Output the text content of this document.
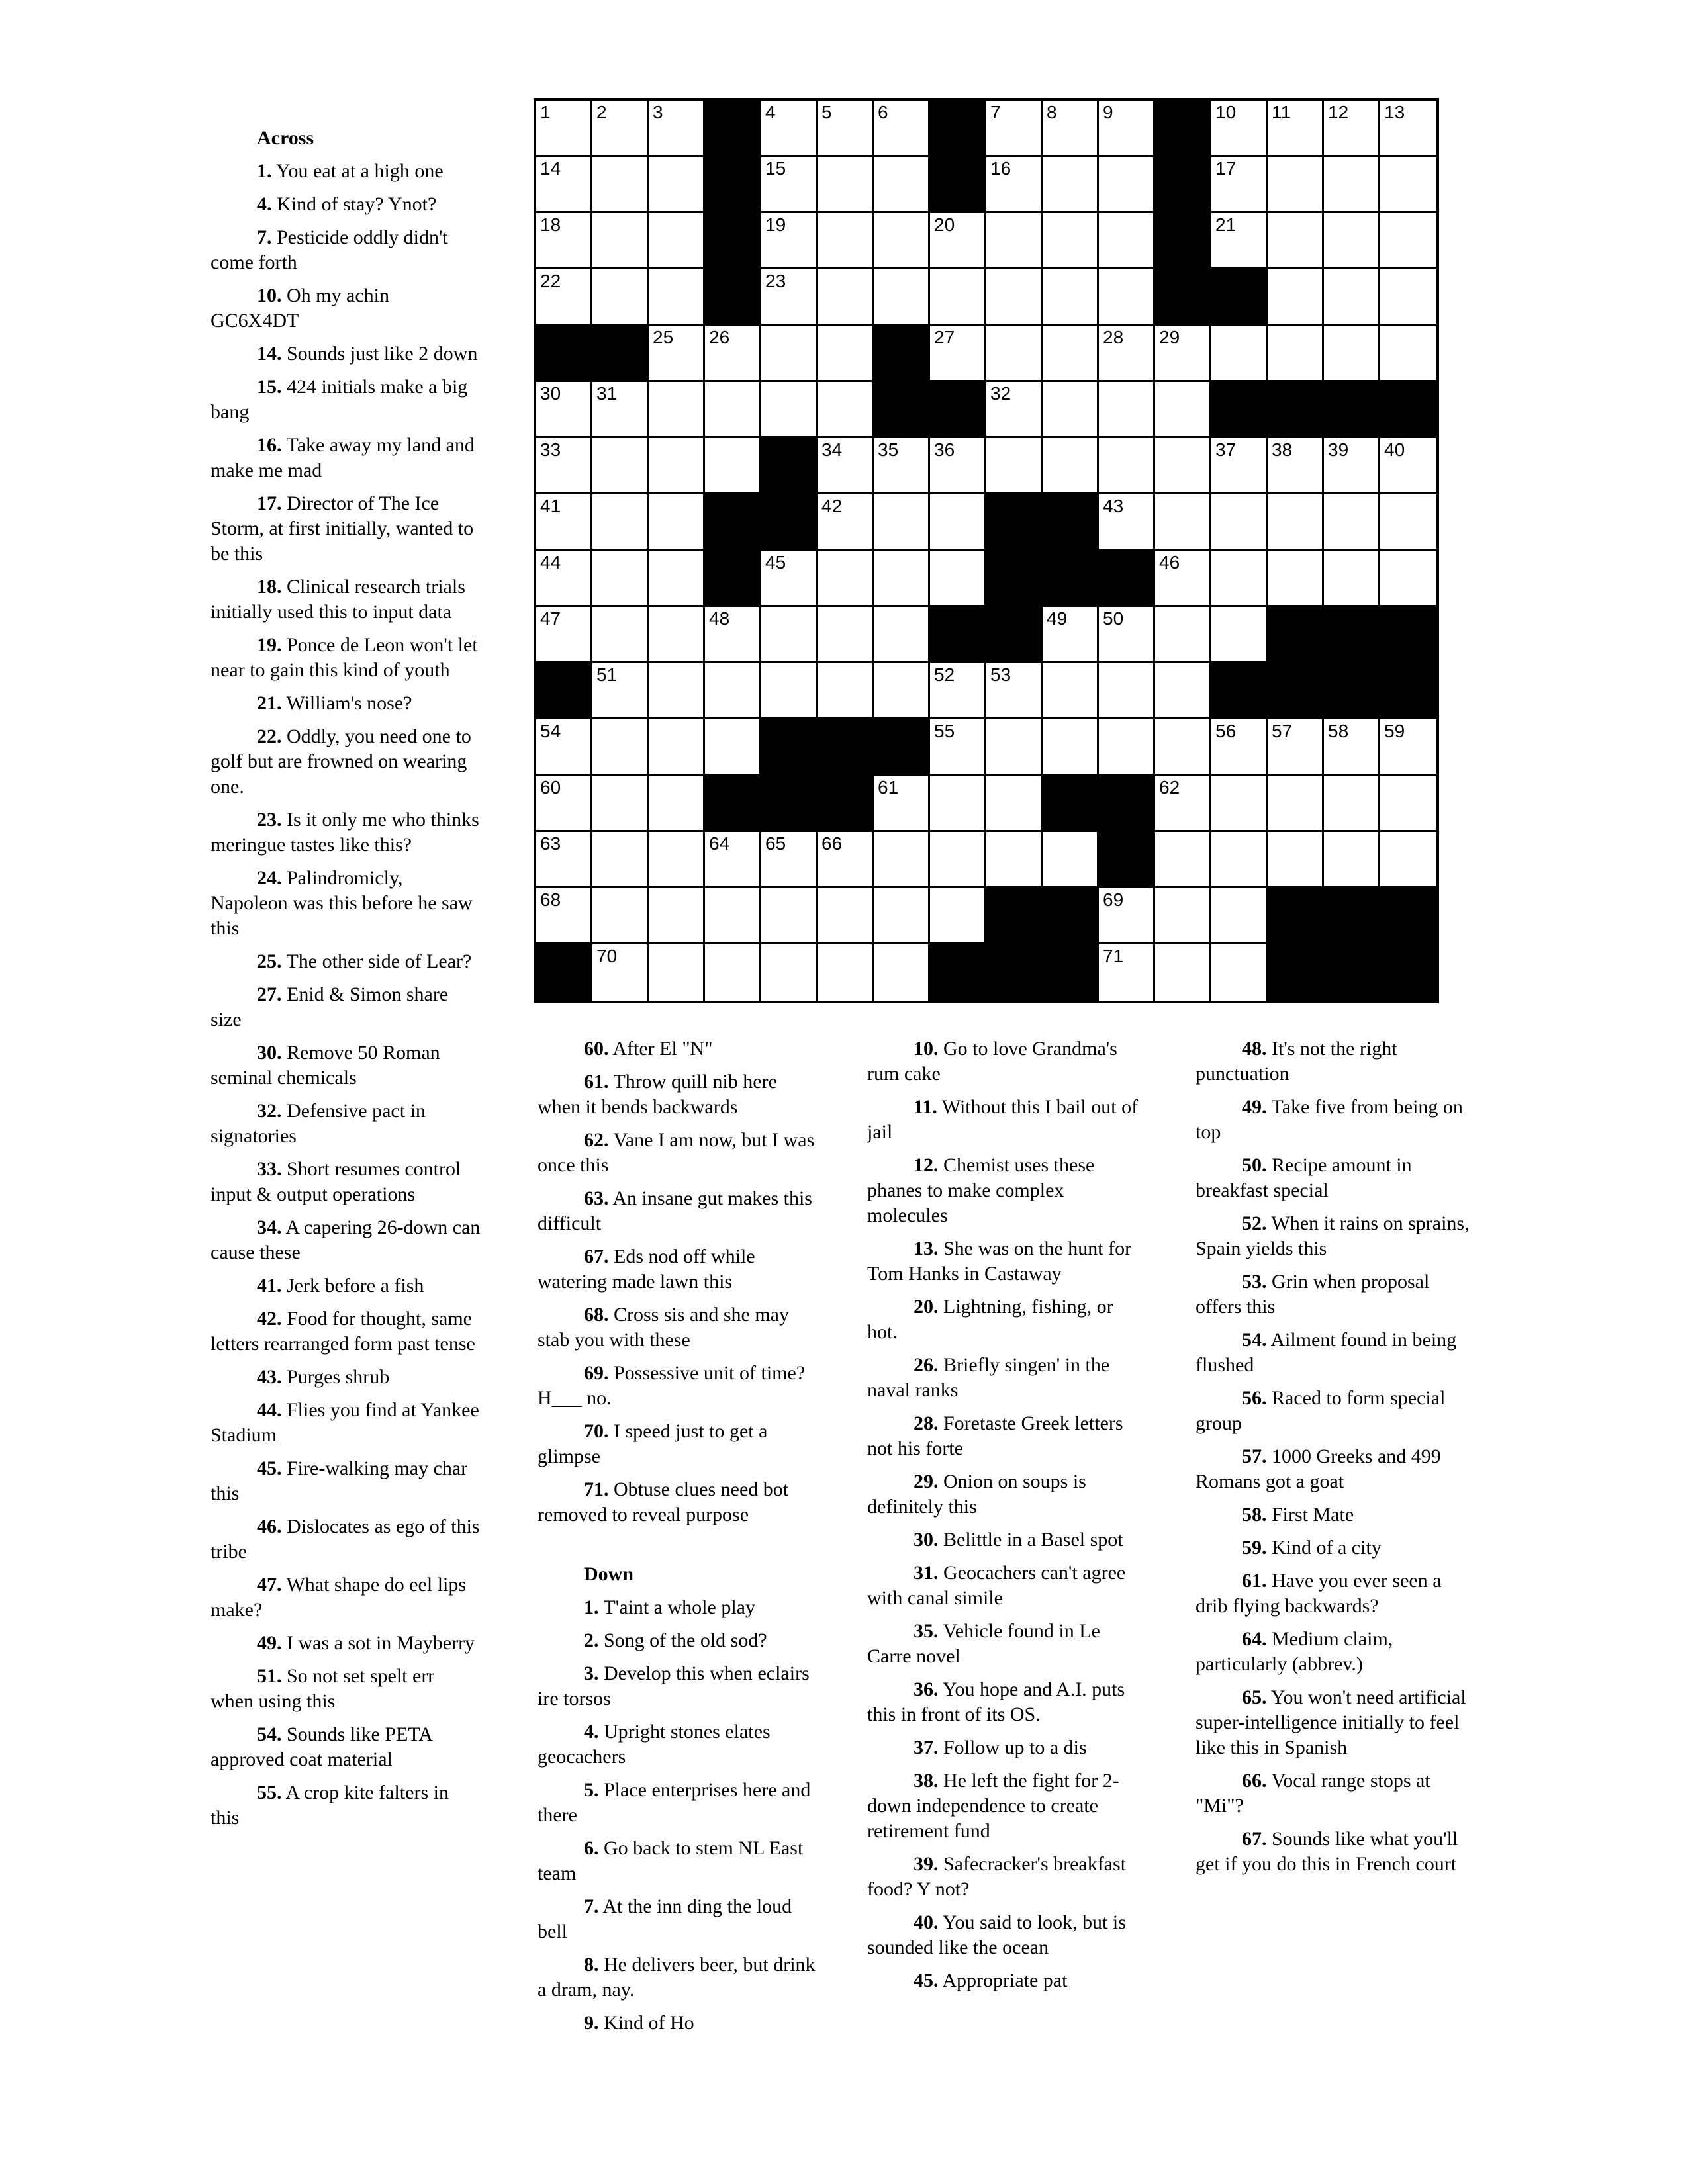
1 2 3	4 5 6	7 8 9	10 11 12 13
14	15	16	17
18	19	20	21
22	23	24
25 26	27	28 29
30 31	32
33	34 35 36	37 38 39 40
41	42	43
44	45	46
47	48	49 50
51	52 53
54	55	56 57 58 59
60	61	62
63	64 65 66	67
68	69
70	71
Across
1. You eat at a high one
4. Kind of stay? Ynot?
7. Pesticide oddly didn't come forth
10. Oh my achin GC6X4DT
14. Sounds just like 2 down
15. 424 initials make a big bang
16. Take away my land and make me mad
17. Director of The Ice Storm, at first initially, wanted to be this
18. Clinical research trials initially used this to input data
19. Ponce de Leon won't let near to gain this kind of youth
21. William's nose?
22. Oddly, you need one to golf but are frowned on wearing one.
23. Is it only me who thinks meringue tastes like this?
24. Palindromicly, Napoleon was this before he saw this
25. The other side of Lear?
27. Enid & Simon share size
30. Remove 50 Roman seminal chemicals
32. Defensive pact in signatories
33. Short resumes control input & output operations
34. A capering 26-down can cause these
41. Jerk before a fish
42. Food for thought, same letters rearranged form past tense
43. Purges shrub
44. Flies you find at Yankee Stadium
45. Fire-walking may char this
46. Dislocates as ego of this tribe
47. What shape do eel lips make?
49. I was a sot in Mayberry
51. So not set spelt err when using this
54. Sounds like PETA approved coat material
55. A crop kite falters in this
60. After El "N"
61. Throw quill nib here when it bends backwards
62. Vane I am now, but I was once this
63. An insane gut makes this difficult
67. Eds nod off while watering made lawn this
68. Cross sis and she may stab you with these
69. Possessive unit of time? H___ no.
70. I speed just to get a glimpse
71. Obtuse clues need bot removed to reveal purpose
Down
1. T'aint a whole play
2. Song of the old sod?
3. Develop this when eclairs ire torsos
4. Upright stones elates geocachers
5. Place enterprises here and there
6. Go back to stem NL East team
7. At the inn ding the loud bell
8. He delivers beer, but drink a dram, nay.
9. Kind of Ho
10. Go to love Grandma's rum cake
11. Without this I bail out of jail
12. Chemist uses these phanes to make complex molecules
13. She was on the hunt for Tom Hanks in Castaway
20. Lightning, fishing, or hot.
26. Briefly singen' in the naval ranks
28. Foretaste Greek letters not his forte
29. Onion on soups is definitely this
30. Belittle in a Basel spot
31. Geocachers can't agree with canal simile
35. Vehicle found in Le Carre novel
36. You hope and A.I. puts this in front of its OS.
37. Follow up to a dis
38. He left the fight for 2-down independence to create retirement fund
39. Safecracker's breakfast food? Y not?
40. You said to look, but is sounded like the ocean
45. Appropriate pat
48. It's not the right punctuation
49. Take five from being on top
50. Recipe amount in breakfast special
52. When it rains on sprains, Spain yields this
53. Grin when proposal offers this
54. Ailment found in being flushed
56. Raced to form special group
57. 1000 Greeks and 499 Romans got a goat
58. First Mate
59. Kind of a city
61. Have you ever seen a drib flying backwards?
64. Medium claim, particularly (abbrev.)
65. You won't need artificial super-intelligence initially to feel like this in Spanish
66. Vocal range stops at "Mi"?
67. Sounds like what you'll get if you do this in French court
